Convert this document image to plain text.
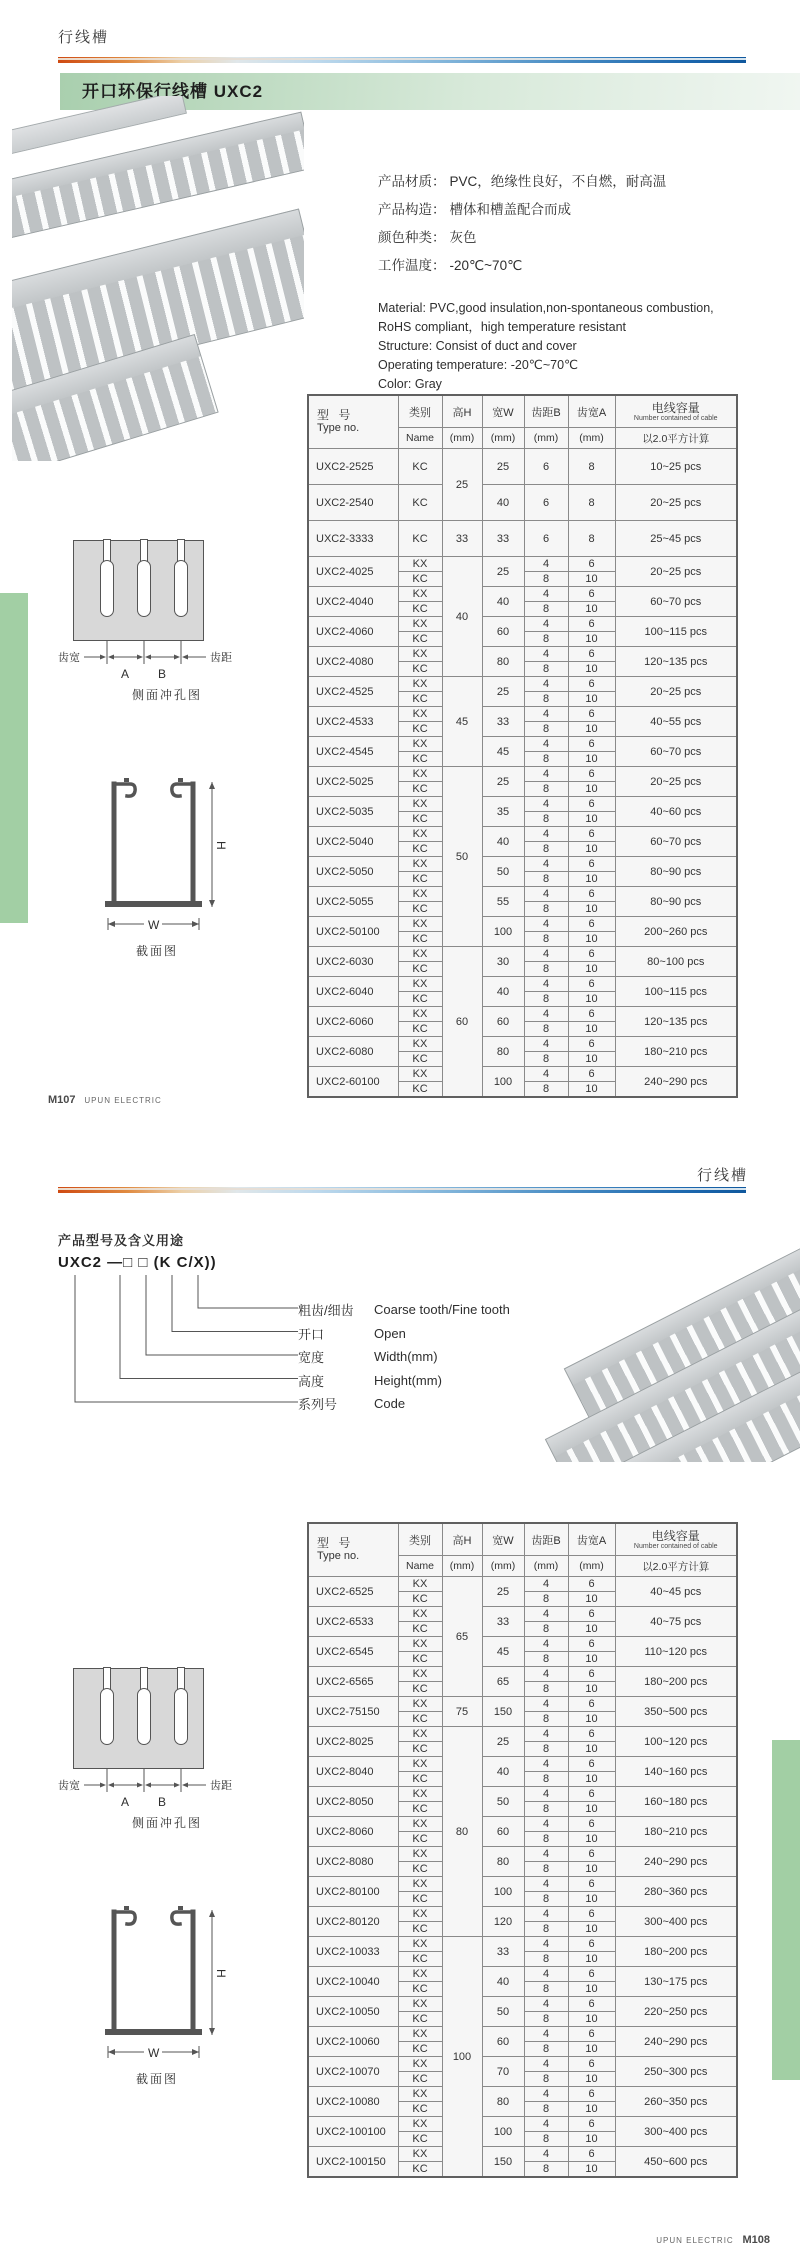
行线槽
开口环保行线槽 UXC2
产品材质： PVC，绝缘性良好，不自燃，耐高温
产品构造： 槽体和槽盖配合而成
颜色种类： 灰色
工作温度： -20℃~70℃
Material: PVC,good insulation,non-spontaneous combustion,
RoHS compliant，high temperature resistant
Structure: Consist of duct and cover
Operating temperature: -20℃~70℃
Color: Gray
型 号
Type no.	类别	高H	宽W	齿距B	齿宽A	电线容量
Number contained of cable

	Name	(mm)	(mm)	(mm)	(mm)	以2.0平方计算
UXC2-2525	KC	25	25	6	8	10~25 pcs
UXC2-2540	KC		40	6	8	20~25 pcs
UXC2-3333	KC	33	33	6	8	25~45 pcs
UXC2-4025	KX	40	25	4	6	20~25 pcs
	KC			8	10	
UXC2-4040	KX		40	4	6	60~70 pcs
	KC			8	10	
UXC2-4060	KX		60	4	6	100~115 pcs
	KC			8	10	
UXC2-4080	KX		80	4	6	120~135 pcs
	KC			8	10	
UXC2-4525	KX	45	25	4	6	20~25 pcs
	KC			8	10	
UXC2-4533	KX		33	4	6	40~55 pcs
	KC			8	10	
UXC2-4545	KX		45	4	6	60~70 pcs
	KC			8	10	
UXC2-5025	KX	50	25	4	6	20~25 pcs
	KC			8	10	
UXC2-5035	KX		35	4	6	40~60 pcs
	KC			8	10	
UXC2-5040	KX		40	4	6	60~70 pcs
	KC			8	10	
UXC2-5050	KX		50	4	6	80~90 pcs
	KC			8	10	
UXC2-5055	KX		55	4	6	80~90 pcs
	KC			8	10	
UXC2-50100	KX		100	4	6	200~260 pcs
	KC			8	10	
UXC2-6030	KX	60	30	4	6	80~100 pcs
	KC			8	10	
UXC2-6040	KX		40	4	6	100~115 pcs
	KC			8	10	
UXC2-6060	KX		60	4	6	120~135 pcs
	KC			8	10	
UXC2-6080	KX		80	4	6	180~210 pcs
	KC			8	10	
UXC2-60100	KX		100	4	6	240~290 pcs
	KC			8	10	
齿宽
A B
齿距
侧面冲孔图
W
H
截面图
M107 UPUN ELECTRIC
行线槽
产品型号及含义用途
UXC2 —□ □ (K C/X))
粗齿/细齿	Coarse tooth/Fine tooth
开口	Open
宽度	Width(mm)
高度	Height(mm)
系列号	Code
型 号
Type no.	类别	高H	宽W	齿距B	齿宽A	电线容量
Number contained of cable

	Name	(mm)	(mm)	(mm)	(mm)	以2.0平方计算
UXC2-6525	KX	65	25	4	6	40~45 pcs
	KC			8	10	
UXC2-6533	KX		33	4	6	40~75 pcs
	KC			8	10	
UXC2-6545	KX		45	4	6	110~120 pcs
	KC			8	10	
UXC2-6565	KX		65	4	6	180~200 pcs
	KC			8	10	
UXC2-75150	KX	75	150	4	6	350~500 pcs
	KC			8	10	
UXC2-8025	KX	80	25	4	6	100~120 pcs
	KC			8	10	
UXC2-8040	KX		40	4	6	140~160 pcs
	KC			8	10	
UXC2-8050	KX		50	4	6	160~180 pcs
	KC			8	10	
UXC2-8060	KX		60	4	6	180~210 pcs
	KC			8	10	
UXC2-8080	KX		80	4	6	240~290 pcs
	KC			8	10	
UXC2-80100	KX		100	4	6	280~360 pcs
	KC			8	10	
UXC2-80120	KX		120	4	6	300~400 pcs
	KC			8	10	
UXC2-10033	KX	100	33	4	6	180~200 pcs
	KC			8	10	
UXC2-10040	KX		40	4	6	130~175 pcs
	KC			8	10	
UXC2-10050	KX		50	4	6	220~250 pcs
	KC			8	10	
UXC2-10060	KX		60	4	6	240~290 pcs
	KC			8	10	
UXC2-10070	KX		70	4	6	250~300 pcs
	KC			8	10	
UXC2-10080	KX		80	4	6	260~350 pcs
	KC			8	10	
UXC2-100100	KX		100	4	6	300~400 pcs
	KC			8	10	
UXC2-100150	KX		150	4	6	450~600 pcs
	KC			8	10	
齿宽
A B
齿距
侧面冲孔图
W
H
截面图
UPUN ELECTRIC M108
